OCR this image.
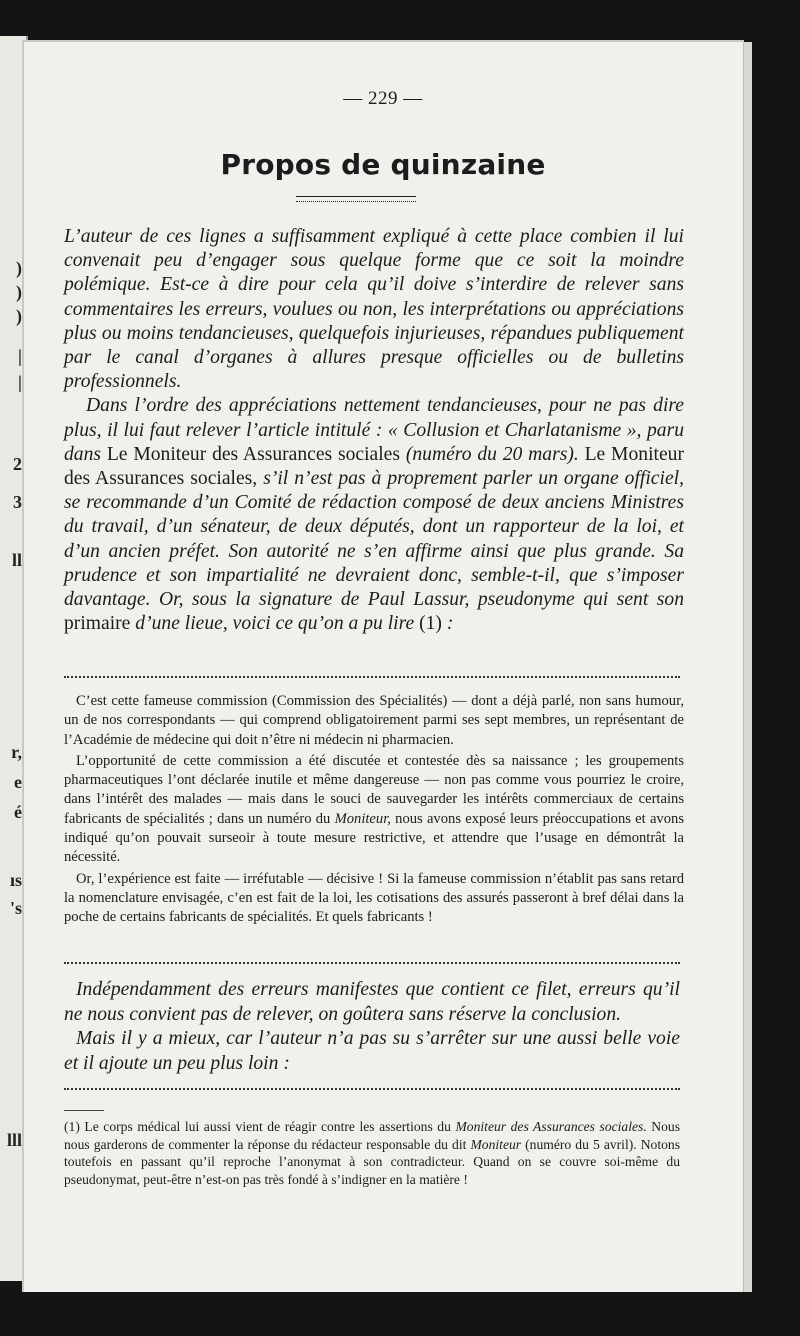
)
)
)
|
|
2
3
ll
r,
e
é
ıs
's
lll
— 229 —
Propos de quinzaine

L’auteur de ces lignes a suffisamment expliqué à cette place combien il lui convenait peu d’engager sous quelque forme que ce soit la moindre polémique. Est-ce à dire pour cela qu’il doive s’interdire de relever sans commentaires les erreurs, voulues ou non, les interprétations ou appréciations plus ou moins tendancieuses, quelquefois injurieuses, répandues publiquement par le canal d’organes à allures presque officielles ou de bulletins professionnels.

Dans l’ordre des appréciations nettement tendancieuses, pour ne pas dire plus, il lui faut relever l’article intitulé : « Collusion et Charlatanisme », paru dans Le Moniteur des Assurances sociales (numéro du 20 mars). Le Moniteur des Assurances sociales, s’il n’est pas à proprement parler un organe officiel, se recommande d’un Comité de rédaction composé de deux anciens Ministres du travail, d’un sénateur, de deux députés, dont un rapporteur de la loi, et d’un ancien préfet. Son autorité ne s’en affirme ainsi que plus grande. Sa prudence et son impartialité ne devraient donc, semble-t-il, que s’imposer davantage. Or, sous la signature de Paul Lassur, pseudonyme qui sent son primaire d’une lieue, voici ce qu’on a pu lire (1) :

C’est cette fameuse commission (Commission des Spécialités) — dont a déjà parlé, non sans humour, un de nos correspondants — qui comprend obligatoirement parmi ses sept membres, un représentant de l’Académie de médecine qui doit n’être ni médecin ni pharmacien.

L’opportunité de cette commission a été discutée et contestée dès sa naissance ; les groupements pharmaceutiques l’ont déclarée inutile et même dangereuse — non pas comme vous pourriez le croire, dans l’intérêt des malades — mais dans le souci de sauvegarder les intérêts commerciaux de certains fabricants de spécialités ; dans un numéro du Moniteur, nous avons exposé leurs préoccupations et avons indiqué qu’on pouvait surseoir à toute mesure restrictive, et attendre que l’usage en démontrât la nécessité.

Or, l’expérience est faite — irréfutable — décisive ! Si la fameuse commission n’établit pas sans retard la nomenclature envisagée, c’en est fait de la loi, les cotisations des assurés passeront à bref délai dans la poche de certains fabricants de spécialités. Et quels fabricants !

Indépendamment des erreurs manifestes que contient ce filet, erreurs qu’il ne nous convient pas de relever, on goûtera sans réserve la conclusion.

Mais il y a mieux, car l’auteur n’a pas su s’arrêter sur une aussi belle voie et il ajoute un peu plus loin :

(1) Le corps médical lui aussi vient de réagir contre les assertions du Moniteur des Assurances sociales. Nous nous garderons de commenter la réponse du rédacteur responsable du dit Moniteur (numéro du 5 avril). Notons toutefois en passant qu’il reproche l’anonymat à son contradicteur. Quand on se couvre soi-même du pseudonymat, peut-être n’est-on pas très fondé à s’indigner en la matière !
